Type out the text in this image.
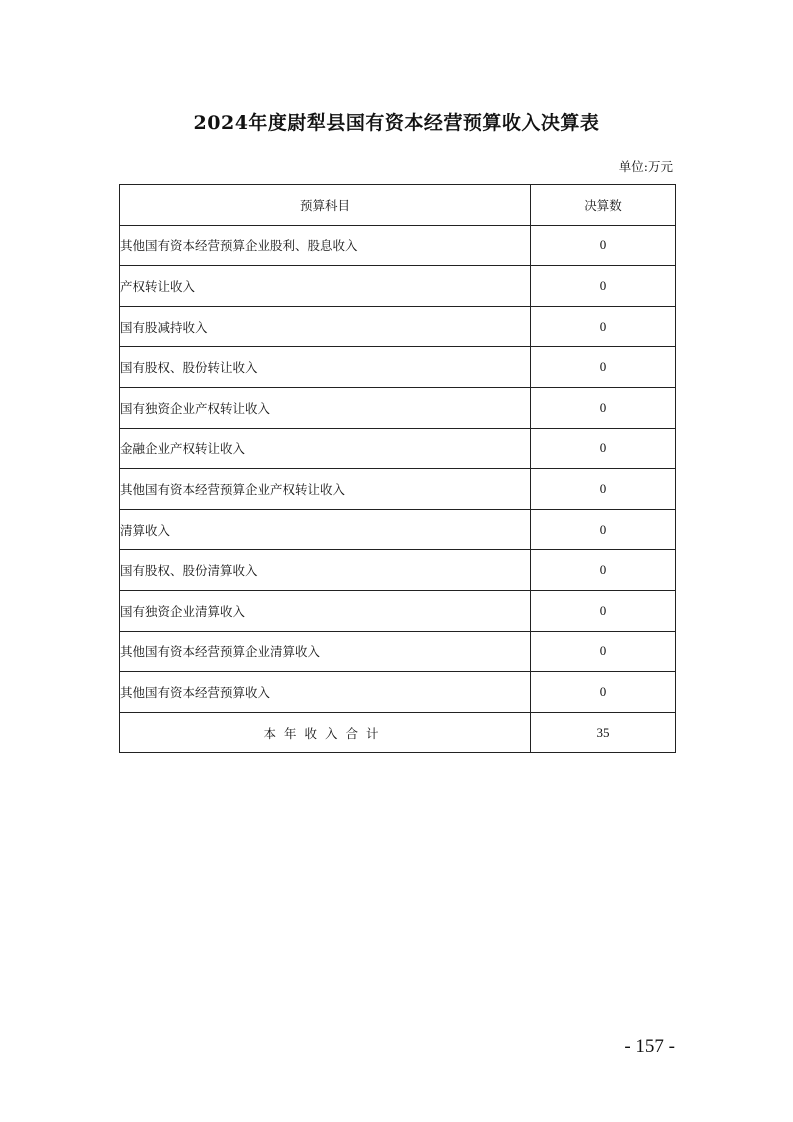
2024年度尉犁县国有资本经营预算收入决算表
单位:万元
预算科目	决算数
其他国有资本经营预算企业股利、股息收入	0
产权转让收入	0
国有股减持收入	0
国有股权、股份转让收入	0
国有独资企业产权转让收入	0
金融企业产权转让收入	0
其他国有资本经营预算企业产权转让收入	0
清算收入	0
国有股权、股份清算收入	0
国有独资企业清算收入	0
其他国有资本经营预算企业清算收入	0
其他国有资本经营预算收入	0
本年收入合计	35
- 157 -
